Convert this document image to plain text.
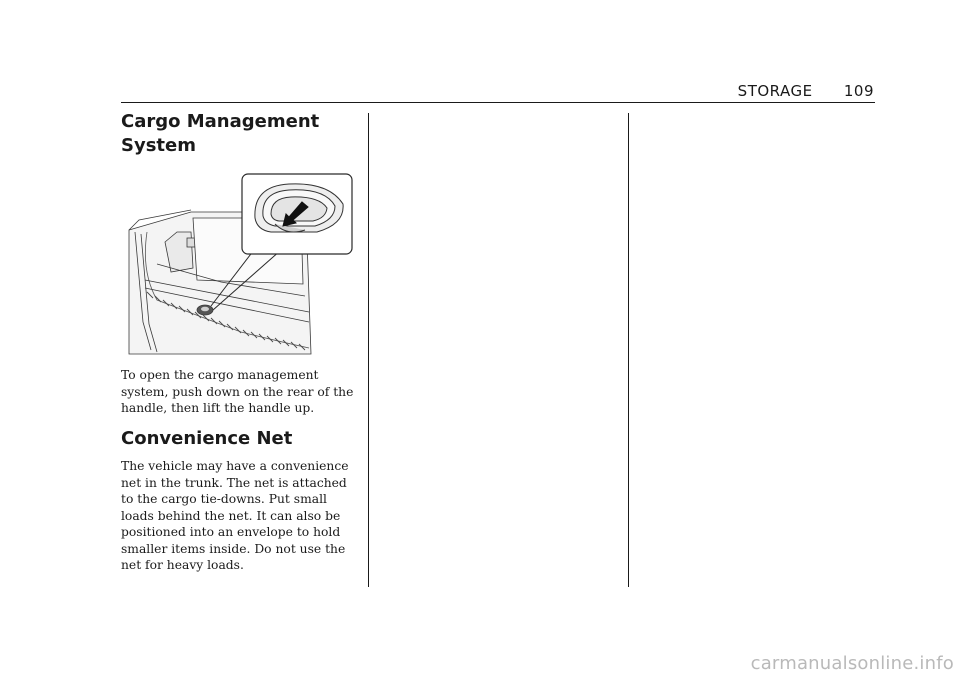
STORAGE 109
Cargo Management
System

To open the cargo management
system, push down on the rear of the
handle, then lift the handle up.

Convenience Net

The vehicle may have a convenience
net in the trunk. The net is attached
to the cargo tie-downs. Put small
loads behind the net. It can also be
positioned into an envelope to hold
smaller items inside. Do not use the
net for heavy loads.

carmanualsonline.info
